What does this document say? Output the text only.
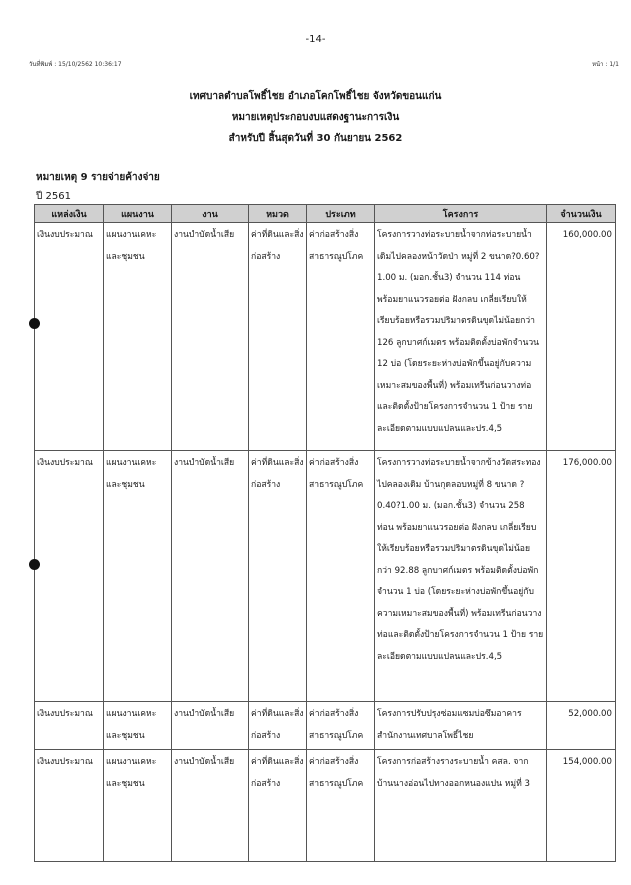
-14-
วันที่พิมพ์ : 15/10/2562 10:36:17	หน้า : 1/1
เทศบาลตำบลโพธิ์ไชย อำเภอโคกโพธิ์ไชย จังหวัดขอนแก่น
หมายเหตุประกอบงบแสดงฐานะการเงิน
สำหรับปี สิ้นสุดวันที่ 30 กันยายน 2562
หมายเหตุ 9 รายจ่ายค้างจ่าย
ปี 2561
แหล่งเงิน	แผนงาน	งาน	หมวด	ประเภท	โครงการ	จำนวนเงิน
เงินงบประมาณ	แผนงานเคหะและชุมชน	งานบำบัดน้ำเสีย	ค่าที่ดินและสิ่งก่อสร้าง	ค่าก่อสร้างสิ่งสาธารณูปโภค	โครงการวางท่อระบายน้ำจากท่อระบายน้ำเดิมไปคลองหน้าวัดป่า หมู่ที่ 2 ขนาด?0.60?1.00 ม. (มอก.ชั้น3) จำนวน 114 ท่อน พร้อมยาแนวรอยต่อ ฝังกลบ เกลี่ยเรียบให้เรียบร้อยหรือรวมปริมาตรดินขุดไม่น้อยกว่า 126 ลูกบาศก์เมตร พร้อมติดตั้งบ่อพักจำนวน 12 บ่อ (โดยระยะห่างบ่อพักขึ้นอยู่กับความเหมาะสมของพื้นที่) พร้อมเทรีนก่อนวางท่อและติดตั้งป้ายโครงการจำนวน 1 ป้าย รายละเอียดตามแบบแปลนและปร.4,5	160,000.00
เงินงบประมาณ	แผนงานเคหะและชุมชน	งานบำบัดน้ำเสีย	ค่าที่ดินและสิ่งก่อสร้าง	ค่าก่อสร้างสิ่งสาธารณูปโภค	โครงการวางท่อระบายน้ำจากข้างวัดสระทองไปคลองเดิม บ้านกุดลอบหมู่ที่ 8 ขนาด ? 0.40?1.00 ม. (มอก.ชั้น3) จำนวน 258 ท่อน พร้อมยาแนวรอยต่อ ฝังกลบ เกลี่ยเรียบให้เรียบร้อยหรือรวมปริมาตรดินขุดไม่น้อยกว่า 92.88 ลูกบาศก์เมตร พร้อมติดตั้งบ่อพัก จำนวน 1 บ่อ (โดยระยะห่างบ่อพักขึ้นอยู่กับความเหมาะสมของพื้นที่) พร้อมเทรีนก่อนวางท่อและติดตั้งป้ายโครงการจำนวน 1 ป้าย รายละเอียดตามแบบแปลนและปร.4,5	176,000.00
เงินงบประมาณ	แผนงานเคหะและชุมชน	งานบำบัดน้ำเสีย	ค่าที่ดินและสิ่งก่อสร้าง	ค่าก่อสร้างสิ่งสาธารณูปโภค	โครงการปรับปรุงซ่อมแซมบ่อซึมอาคารสำนักงานเทศบาลโพธิ์ไชย	52,000.00
เงินงบประมาณ	แผนงานเคหะและชุมชน	งานบำบัดน้ำเสีย	ค่าที่ดินและสิ่งก่อสร้าง	ค่าก่อสร้างสิ่งสาธารณูปโภค	โครงการก่อสร้างรางระบายน้ำ คสล. จากบ้านนางอ่อนไปทางออกหนองแปน หมู่ที่ 3	154,000.00
